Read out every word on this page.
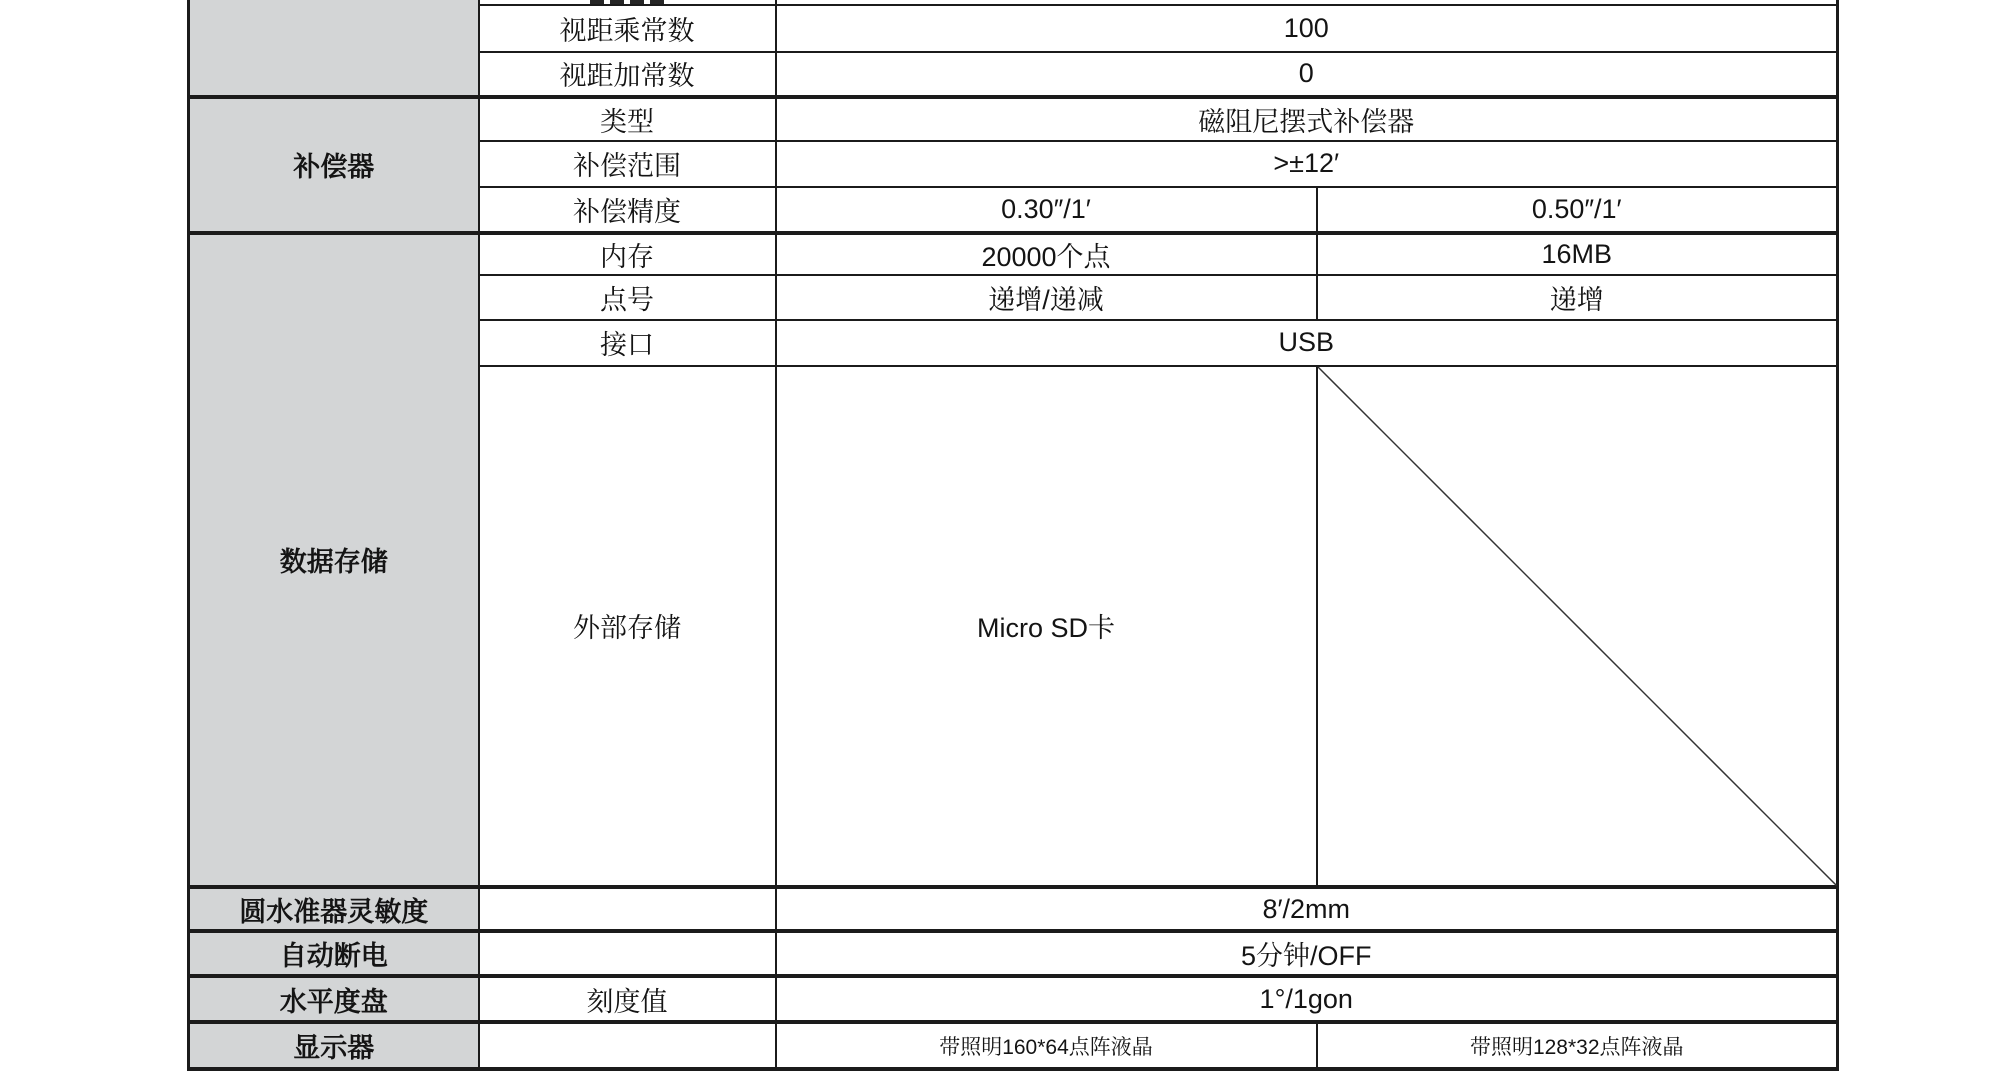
	视距乘常数	100	
	视距加常数	0	
补偿器	类型	磁阻尼摆式补偿器	
	补偿范围	>±12′	
	补偿精度	0.30″/1′	0.50″/1′
数据存储	内存	20000个点	16MB
	点号	递增/递减	递增
	接口	USB	
	外部存储	Micro SD卡	

圆水准器灵敏度		8′/2mm	
自动断电		5分钟/OFF	
水平度盘	刻度值	1°/1gon	
显示器		带照明160*64点阵液晶	带照明128*32点阵液晶
